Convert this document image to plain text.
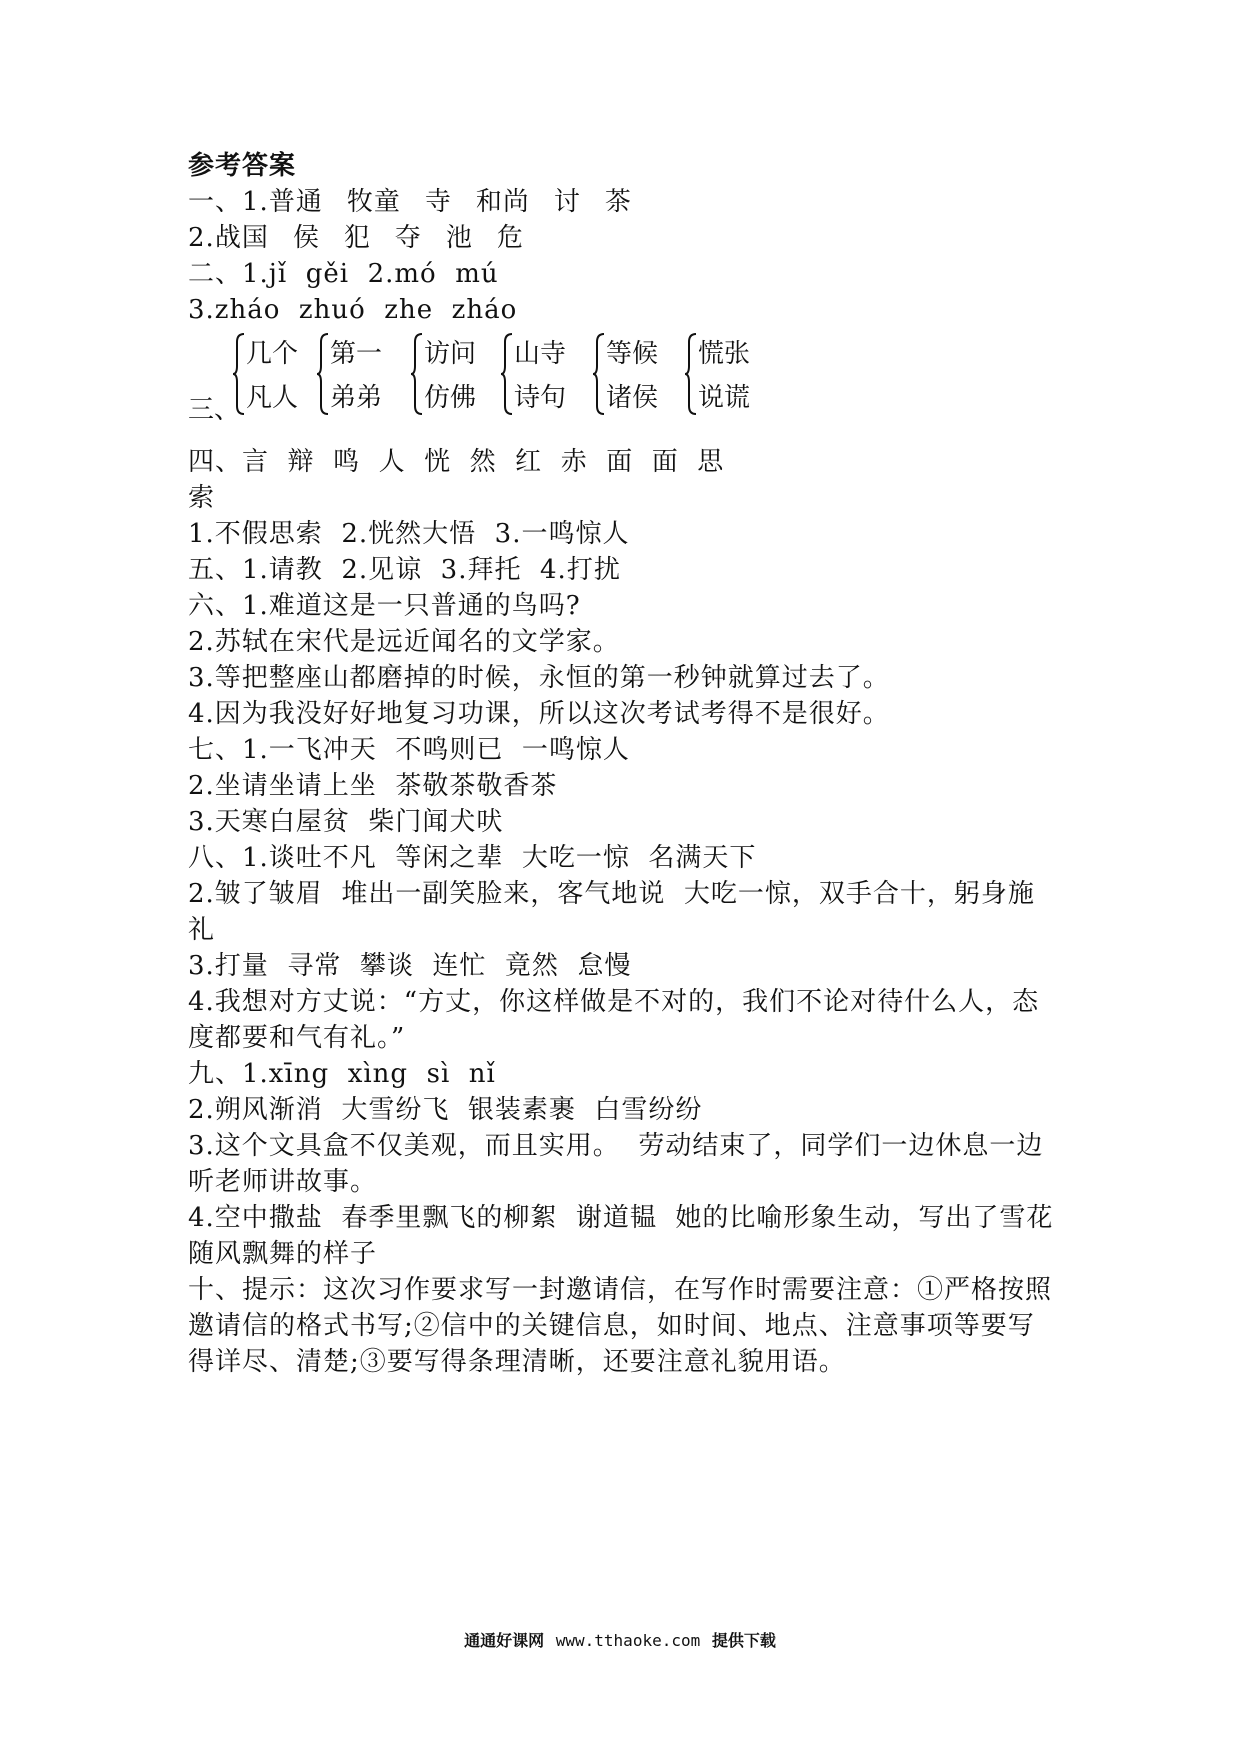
参考答案
一、1.普通 牧童 寺 和尚 讨 茶
2.战国 侯 犯 夺 池 危
二、1.jǐ  gěi  2.mó  mú
3.zháo  zhuó  zhe  zháo
三、
几个
凡人
第一
弟弟
访问
仿佛
山寺
诗句
等候
诸侯
慌张
说谎
四、言  辩  鸣  人  恍  然  红  赤  面  面  思
索
1.不假思索  2.恍然大悟  3.一鸣惊人
五、1.请教  2.见谅  3.拜托  4.打扰
六、1.难道这是一只普通的鸟吗?
2.苏轼在宋代是远近闻名的文学家。
3.等把整座山都磨掉的时候，永恒的第一秒钟就算过去了。
4.因为我没好好地复习功课，所以这次考试考得不是很好。
七、1.一飞冲天  不鸣则已  一鸣惊人
2.坐请坐请上坐  茶敬茶敬香茶
3.天寒白屋贫  柴门闻犬吠
八、1.谈吐不凡  等闲之辈  大吃一惊  名满天下
2.皱了皱眉  堆出一副笑脸来，客气地说  大吃一惊，双手合十，躬身施礼
3.打量  寻常  攀谈  连忙  竟然  怠慢
4.我想对方丈说：“方丈，你这样做是不对的，我们不论对待什么人，态度都要和气有礼。”
九、1.xīng  xìng  sì  nǐ
2.朔风渐消  大雪纷飞  银装素裹  白雪纷纷
3.这个文具盒不仅美观，而且实用。  劳动结束了，同学们一边休息一边听老师讲故事。
4.空中撒盐  春季里飘飞的柳絮  谢道韫  她的比喻形象生动，写出了雪花随风飘舞的样子
十、提示：这次习作要求写一封邀请信，在写作时需要注意：①严格按照邀请信的格式书写;②信中的关键信息，如时间、地点、注意事项等要写得详尽、清楚;③要写得条理清晰，还要注意礼貌用语。
通通好课网 www.tthaoke.com 提供下载
